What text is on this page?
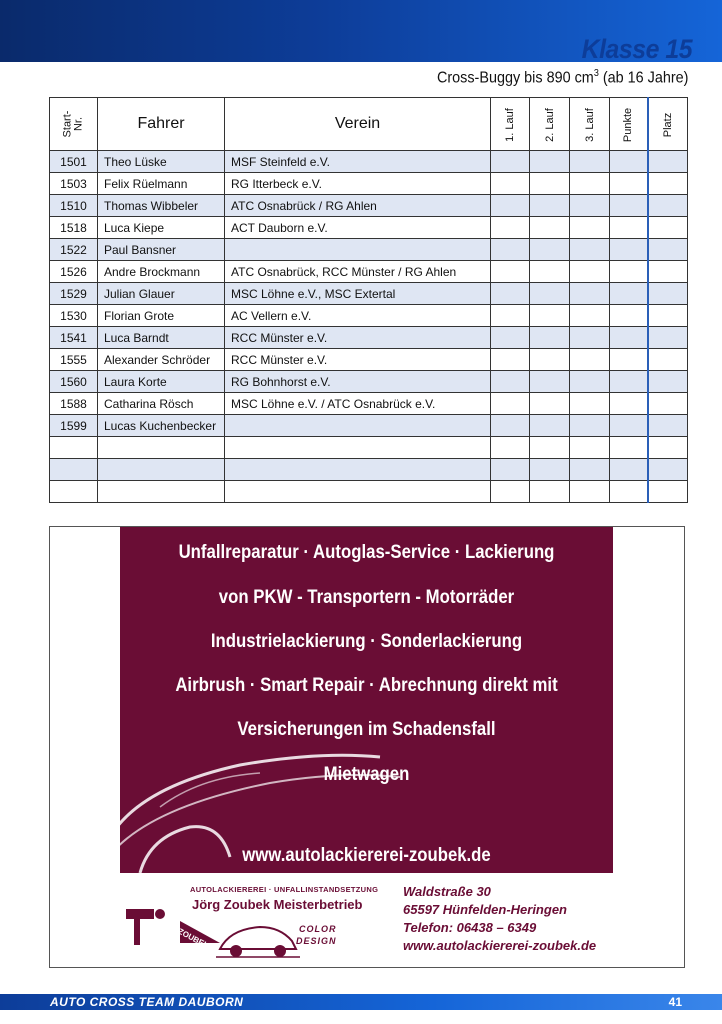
Klasse 15
Cross-Buggy bis 890 $cm^3$ (ab 16 Jahre)
Start-
Nr.	Fahrer	Verein	1. Lauf	2. Lauf	3. Lauf	Punkte	Platz
1501	Theo Lüske	MSF Steinfeld e.V.					
1503	Felix Rüelmann	RG Itterbeck e.V.					
1510	Thomas Wibbeler	ATC Osnabrück / RG Ahlen					
1518	Luca Kiepe	ACT Dauborn e.V.					
1522	Paul Bansner						
1526	Andre Brockmann	ATC Osnabrück, RCC Münster / RG Ahlen					
1529	Julian Glauer	MSC Löhne e.V., MSC Extertal					
1530	Florian Grote	AC Vellern e.V.					
1541	Luca Barndt	RCC Münster e.V.					
1555	Alexander Schröder	RCC Münster e.V.					
1560	Laura Korte	RG Bohnhorst e.V.					
1588	Catharina Rösch	MSC Löhne e.V. / ATC Osnabrück e.V.					
1599	Lucas Kuchenbecker						

Unfallreparatur · Autoglas-Service · Lackierung
von PKW - Transportern - Motorräder
Industrielackierung · Sonderlackierung
Airbrush · Smart Repair · Abrechnung direkt mit
Versicherungen im Schadensfall
Mietwagen
www.autolackiererei-zoubek.de
AUTOLACKIEREREI · UNFALLINSTANDSETZUNG
Jörg Zoubek Meisterbetrieb
ZOUBEK	COLOR
DESIGN
Waldstraße 30
65597 Hünfelden-Heringen
Telefon: 06438 – 6349
www.autolackiererei-zoubek.de
AUTO CROSS TEAM DAUBORN	41
